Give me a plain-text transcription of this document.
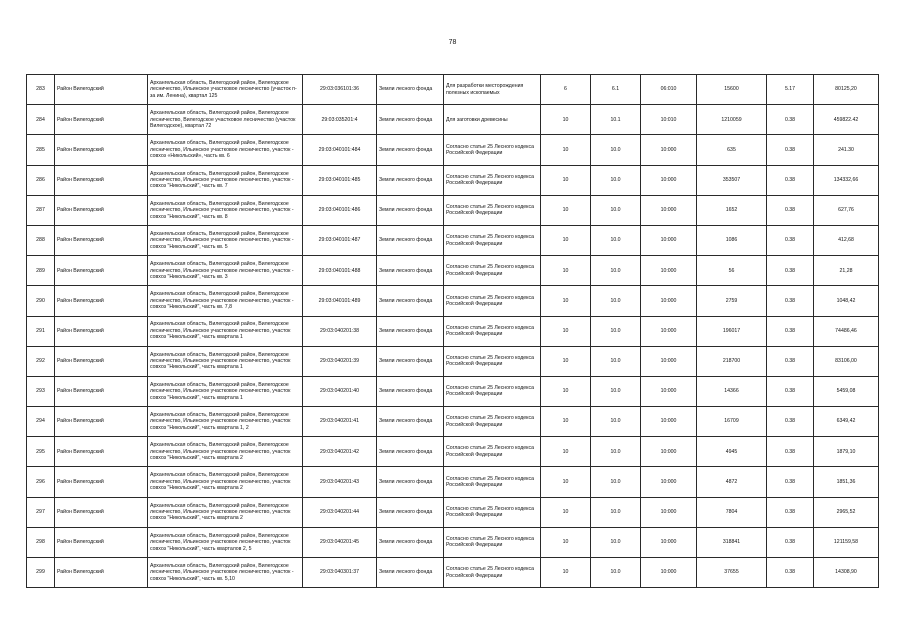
78
283	Район Вилегодский	Архангельская область, Вилегодский район, Вилегодское лесничество, Ильинское участковое лесничество (участок п-за им. Ленина), квартал 125	29:03:036101:36	Земли лесного фонда	Для разработки месторождения полезных ископаемых	6	6.1	06:010	15600	5.17	80125,20
284	Район Вилегодский	Архангельская область, Вилегодский район, Вилегодское лесничество, Вилегодское участковое лесничество (участок Вилегодское), квартал 72	29:03:035201:4	Земли лесного фонда	Для заготовки древесины	10	10.1	10:010	1210059	0.38	459822.42
285	Район Вилегодский	Архангельская область, Вилегодский район, Вилегодское лесничество, Ильинское участковое лесничество, участок - совхоз «Никольский», часть кв. 6	29:03:040101:484	Земли лесного фонда	Согласно статье 25 Лесного кодекса Российской Федерации	10	10.0	10:000	635	0.38	241.30
286	Район Вилегодский	Архангельская область, Вилегодский район, Вилегодское лесничество, Ильинское участковое лесничество, участок - совхоз "Никольский", часть кв. 7	29:03:040101:485	Земли лесного фонда	Согласно статье 25 Лесного кодекса Российской Федерации	10	10.0	10:000	353507	0.38	134332,66
287	Район Вилегодский	Архангельская область, Вилегодский район, Вилегодское лесничество, Ильинское участковое лесничество, участок - совхоз "Никольский", часть кв. 8	29:03:040101:486	Земли лесного фонда	Согласно статье 25 Лесного кодекса Российской Федерации	10	10.0	10:000	1652	0.38	627,76
288	Район Вилегодский	Архангельская область, Вилегодский район, Вилегодское лесничество, Ильинское участковое лесничество, участок - совхоз "Никольский", часть кв. 5	29:03:040101:487	Земли лесного фонда	Согласно статье 25 Лесного кодекса Российской Федерации	10	10.0	10:000	1086	0.38	412,68
289	Район Вилегодский	Архангельская область, Вилегодский район, Вилегодское лесничество, Ильинское участковое лесничество, участок - совхоз "Никольский", часть кв. 3	29:03:040101:488	Земли лесного фонда	Согласно статье 25 Лесного кодекса Российской Федерации	10	10.0	10:000	56	0.38	21,28
290	Район Вилегодский	Архангельская область, Вилегодский район, Вилегодское лесничество, Ильинское участковое лесничество, участок - совхоз "Никольский", часть кв. 7,8	29:03:040101:489	Земли лесного фонда	Согласно статье 25 Лесного кодекса Российской Федерации	10	10.0	10:000	2759	0.38	1048,42
291	Район Вилегодский	Архангельская область, Вилегодский район, Вилегодское лесничество, Ильинское участковое лесничество, участок совхоз "Никольский", часть квартала 1	29:03:040201:38	Земли лесного фонда	Согласно статье 25 Лесного кодекса Российской Федерации	10	10.0	10:000	196017	0.38	74486,46
292	Район Вилегодский	Архангельская область, Вилегодский район, Вилегодское лесничество, Ильинское участковое лесничество, участок совхоз "Никольский", часть квартала 1	29:03:040201:39	Земли лесного фонда	Согласно статье 25 Лесного кодекса Российской Федерации	10	10.0	10:000	218700	0.38	83106,00
293	Район Вилегодский	Архангельская область, Вилегодский район, Вилегодское лесничество, Ильинское участковое лесничество, участок совхоз "Никольский", часть квартала 1	29:03:040201:40	Земли лесного фонда	Согласно статье 25 Лесного кодекса Российской Федерации	10	10.0	10:000	14366	0.38	5459,08
294	Район Вилегодский	Архангельская область, Вилегодский район, Вилегодское лесничество, Ильинское участковое лесничество, участок совхоз "Никольский", часть квартала 1, 2	29:03:040201:41	Земли лесного фонда	Согласно статье 25 Лесного кодекса Российской Федерации	10	10.0	10:000	16709	0.38	6349,42
295	Район Вилегодский	Архангельская область, Вилегодский район, Вилегодское лесничество, Ильинское участковое лесничество, участок совхоз "Никольский", часть квартала 2	29:03:040201:42	Земли лесного фонда	Согласно статье 25 Лесного кодекса Российской Федерации	10	10.0	10:000	4945	0.38	1879,10
296	Район Вилегодский	Архангельская область, Вилегодский район, Вилегодское лесничество, Ильинское участковое лесничество, участок совхоз "Никольский", часть квартала 2	29:03:040201:43	Земли лесного фонда	Согласно статье 25 Лесного кодекса Российской Федерации	10	10.0	10:000	4872	0.38	1851,36
297	Район Вилегодский	Архангельская область, Вилегодский район, Вилегодское лесничество, Ильинское участковое лесничество, участок совхоз "Никольский", часть квартала 2	29:03:040201:44	Земли лесного фонда	Согласно статье 25 Лесного кодекса Российской Федерации	10	10.0	10:000	7804	0.38	2965,52
298	Район Вилегодский	Архангельская область, Вилегодский район, Вилегодское лесничество, Ильинское участковое лесничество, участок совхоз "Никольский", часть кварталов 2, 5	29:03:040201:45	Земли лесного фонда	Согласно статье 25 Лесного кодекса Российской Федерации	10	10.0	10:000	318841	0.38	121159,58
299	Район Вилегодский	Архангельская область, Вилегодский район, Вилегодское лесничество, Ильинское участковое лесничество, участок - совхоз "Никольский", часть кв. 5,10	29:03:040301:37	Земли лесного фонда	Согласно статье 25 Лесного кодекса Российской Федерации	10	10.0	10:000	37655	0.38	14308,90
